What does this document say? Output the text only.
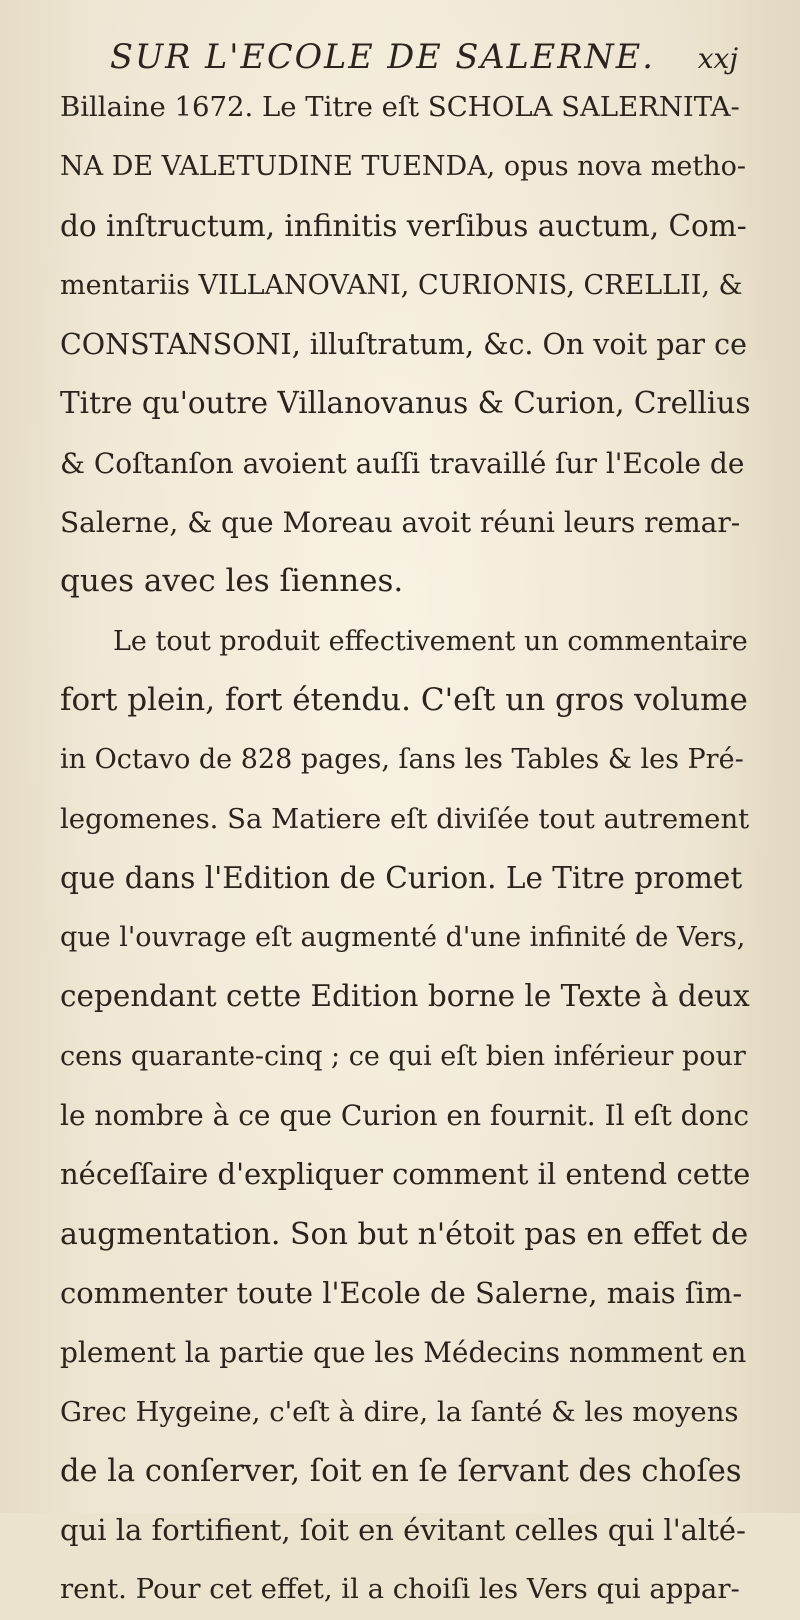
SUR L'ECOLE DE SALERNE. xxj
Billaine 1672. Le Titre eſt SCHOLA SALERNITA-
NA DE VALETUDINE TUENDA, opus nova metho-
do inſtructum, infinitis verſibus auctum, Com-
mentariis VILLANOVANI, CURIONIS, CRELLII, &
CONSTANSONI, illuſtratum, &c. On voit par ce
Titre qu'outre Villanovanus & Curion, Crellius
& Coſtanſon avoient auſſi travaillé ſur l'Ecole de
Salerne, & que Moreau avoit réuni leurs remar-
ques avec les ſiennes.
Le tout produit effectivement un commentaire
fort plein, fort étendu. C'eſt un gros volume
in Octavo de 828 pages, ſans les Tables & les Pré-
legomenes. Sa Matiere eſt diviſée tout autrement
que dans l'Edition de Curion. Le Titre promet
que l'ouvrage eſt augmenté d'une infinité de Vers,
cependant cette Edition borne le Texte à deux
cens quarante-cinq ; ce qui eſt bien inférieur pour
le nombre à ce que Curion en fournit. Il eſt donc
néceſſaire d'expliquer comment il entend cette
augmentation. Son but n'étoit pas en effet de
commenter toute l'Ecole de Salerne, mais ſim-
plement la partie que les Médecins nomment en
Grec Hygeine, c'eſt à dire, la ſanté & les moyens
de la conſerver, ſoit en ſe ſervant des choſes
qui la fortifient, ſoit en évitant celles qui l'alté-
rent. Pour cet effet, il a choiſi les Vers qui appar-
